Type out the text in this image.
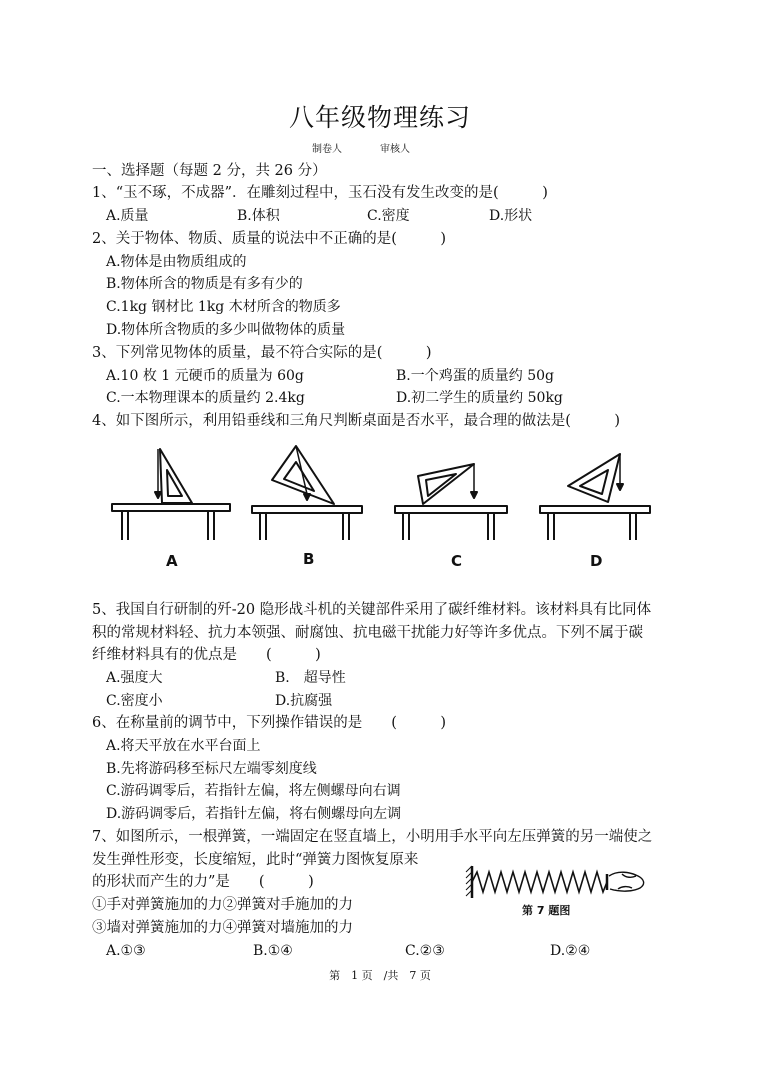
八年级物理练习
制卷人	审核人
一、选择题（每题 2 分，共 26 分）
1、“玉不琢，不成器”．在雕刻过程中，玉石没有发生改变的是(　　　)
A.质量	B.体积	C.密度	D.形状
2、关于物体、物质、质量的说法中不正确的是(　　　)
A.物体是由物质组成的
B.物体所含的物质是有多有少的
C.1kg 钢材比 1kg 木材所含的物质多
D.物体所含物质的多少叫做物体的质量
3、下列常见物体的质量，最不符合实际的是(　　　)
A.10 枚 1 元硬币的质量为 60g	B.一个鸡蛋的质量约 50g
C.一本物理课本的质量约 2.4kg	D.初二学生的质量约 50kg
4、如下图所示，利用铅垂线和三角尺判断桌面是否水平，最合理的做法是(　　　)
A	B	C	D
5、我国自行研制的歼-20 隐形战斗机的关键部件采用了碳纤维材料。该材料具有比同体
积的常规材料轻、抗力本领强、耐腐蚀、抗电磁干扰能力好等许多优点。下列不属于碳
纤维材料具有的优点是　　(　　　)
A.强度大	B.　超导性
C.密度小	D.抗腐强
6、在称量前的调节中，下列操作错误的是　　(　　　)
A.将天平放在水平台面上
B.先将游码移至标尺左端零刻度线
C.游码调零后，若指针左偏，将左侧螺母向右调
D.游码调零后，若指针左偏，将右侧螺母向左调
7、如图所示，一根弹簧，一端固定在竖直墙上，小明用手水平向左压弹簧的另一端使之
发生弹性形变，长度缩短，此时“弹簧力图恢复原来
的形状而产生的力”是　　(　　　)
①手对弹簧施加的力②弹簧对手施加的力
③墙对弹簧施加的力④弹簧对墙施加的力
A.①③	B.①④	C.②③	D.②④
第 7 题图
第　1 页　/共　7 页
